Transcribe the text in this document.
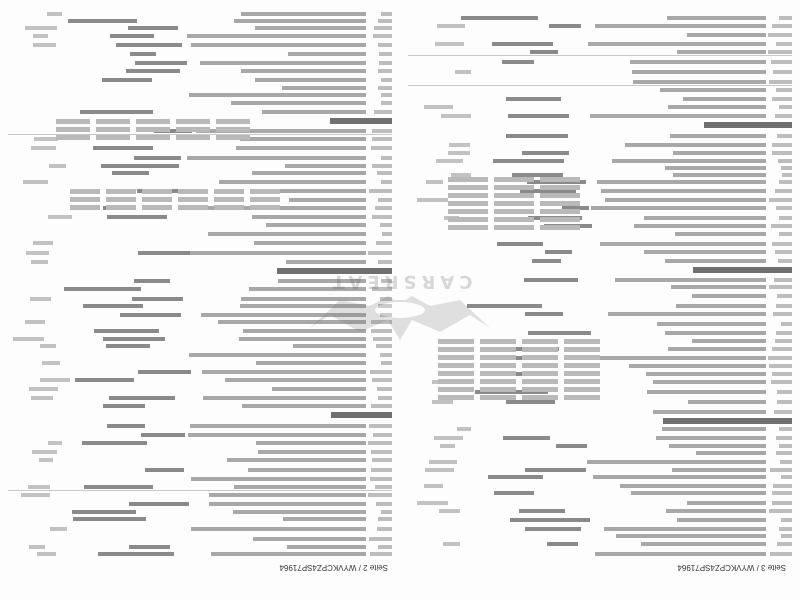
Seite 3 / WYVKCPZ4SP71964
Seite 2 / WYVKCPZ4SP71964
CARSREAT
